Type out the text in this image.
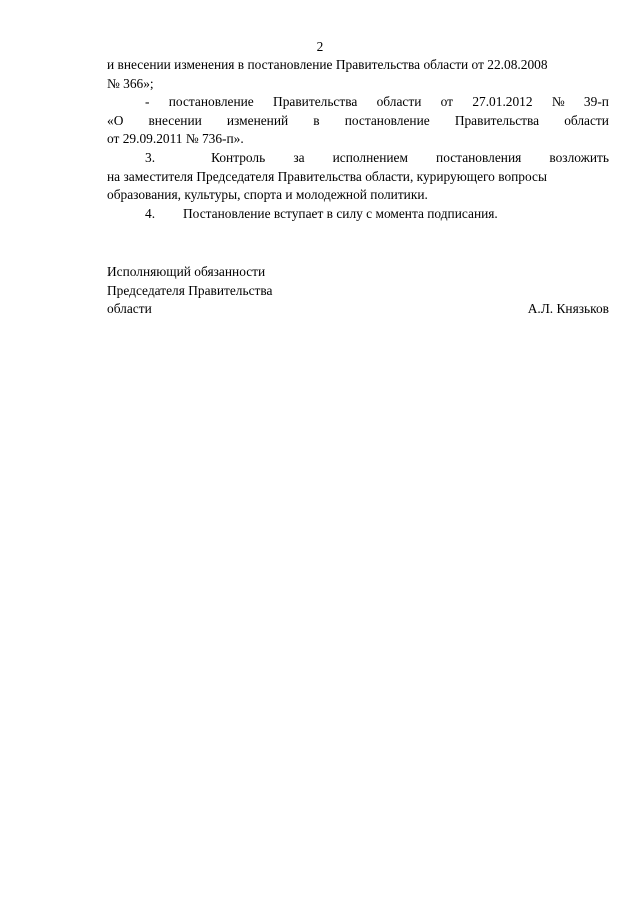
2
и внесении изменения в постановление Правительства области от 22.08.2008
№ 366»;
- постановление Правительства области от 27.01.2012 № 39-п
«О внесении изменений в постановление Правительства области
от 29.09.2011 № 736-п».
3.	Контроль за исполнением постановления возложить
на заместителя Председателя Правительства области, курирующего вопросы
образования, культуры, спорта и молодежной политики.
4. Постановление вступает в силу с момента подписания.
Исполняющий обязанности
Председателя Правительства
области	А.Л. Князьков
